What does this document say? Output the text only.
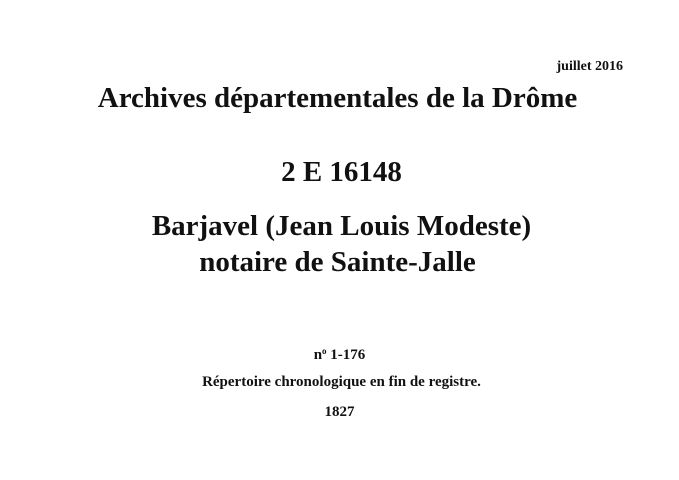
juillet 2016
Archives départementales de la Drôme
2 E 16148
Barjavel (Jean Louis Modeste)
notaire de Sainte-Jalle
$n^o$ 1-176
Répertoire chronologique en fin de registre.
1827
